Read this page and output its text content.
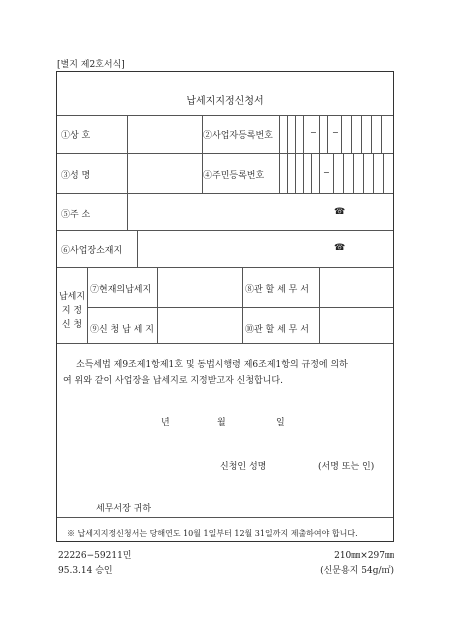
[별지 제2호서식]
납세지지정신청서
①상 호	②사업자등록번호	− −
③성 명	④주민등록번호	−
⑤주 소	☎
⑥사업장소재지	☎
납세지
지 정
신 청
⑦현재의납세지	⑧관 할 세 무 서
⑨신 청 납 세 지	⑩관 할 세 무 서
소득세법 제9조제1항제1호 및 동법시행령 제6조제1항의 규정에 의하
여 위와 같이 사업장을 납세지로 지정받고자 신청합니다.
년	월	일
신청인 성명	(서명 또는 인)
세무서장 귀하
※ 납세지지정신청서는 당해연도 10월 1일부터 12월 31일까지 제출하여야 합니다.
22226−59211민	210㎜×297㎜
95.3.14 승인	(신문용지 54g/㎡)
